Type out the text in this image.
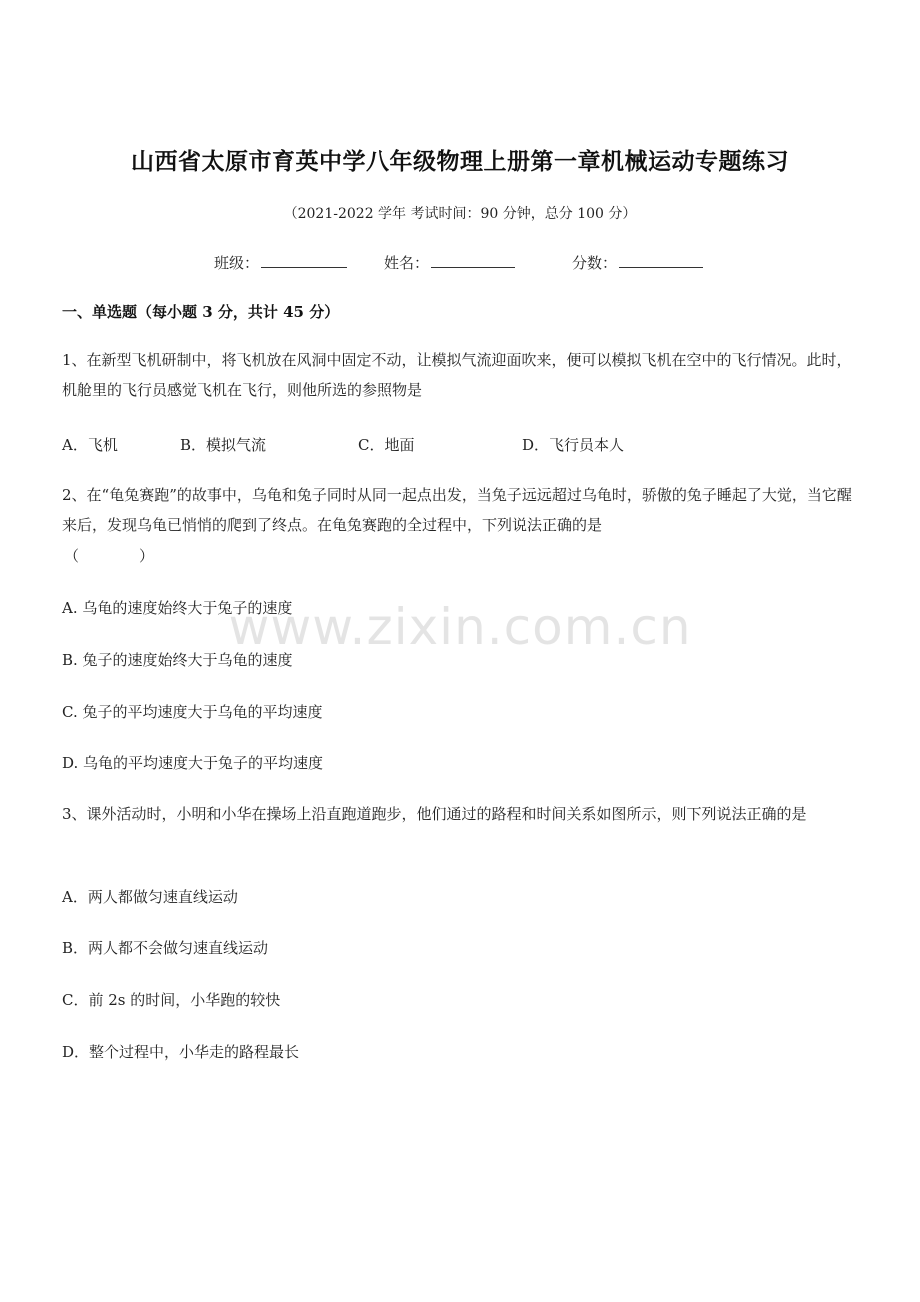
山西省太原市育英中学八年级物理上册第一章机械运动专题练习
（2021-2022 学年 考试时间：90 分钟，总分 100 分）
班级：	姓名：	分数：
一、单选题（每小题 3 分，共计 45 分）
1、在新型飞机研制中，将飞机放在风洞中固定不动，让模拟气流迎面吹来，便可以模拟飞机在空中的飞行情况。此时，机舱里的飞行员感觉飞机在飞行，则他所选的参照物是
A．飞机	B．模拟气流	C．地面	D．飞行员本人
2、在“龟兔赛跑”的故事中，乌龟和兔子同时从同一起点出发，当兔子远远超过乌龟时，骄傲的兔子睡起了大觉，当它醒来后，发现乌龟已悄悄的爬到了终点。在龟兔赛跑的全过程中，下列说法正确的是
（　　　　）
A. 乌龟的速度始终大于兔子的速度
B. 兔子的速度始终大于乌龟的速度
C. 兔子的平均速度大于乌龟的平均速度
D. 乌龟的平均速度大于兔子的平均速度
3、课外活动时，小明和小华在操场上沿直跑道跑步，他们通过的路程和时间关系如图所示，则下列说法正确的是
A．两人都做匀速直线运动
B．两人都不会做匀速直线运动
C．前 2s 的时间，小华跑的较快
D．整个过程中，小华走的路程最长
www.zixin.com.cn
